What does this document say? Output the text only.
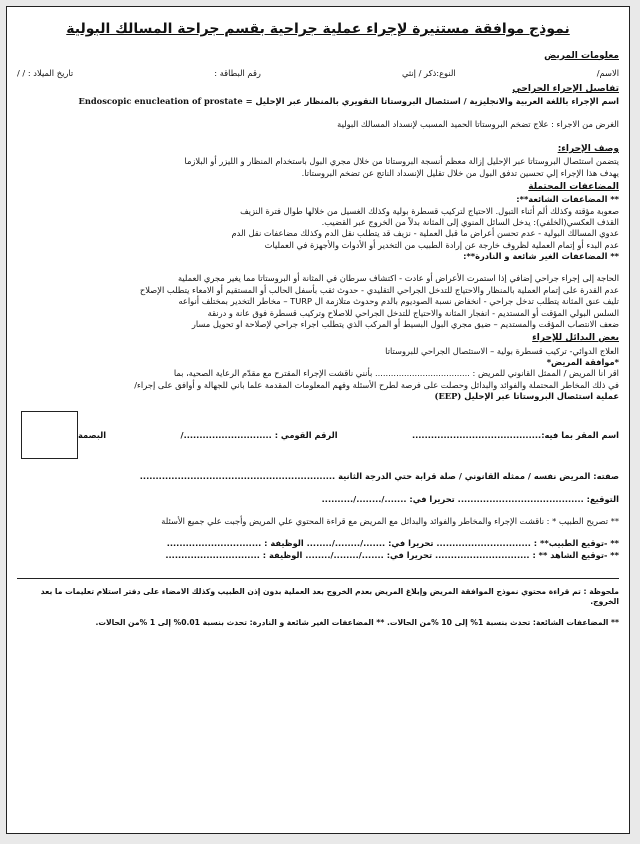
نموذج موافقة مستنيرة لإجراء عملية جراحية بقسم جراحة المسالك البولية
معلومات المريض
الاسم/
النوع:ذكر / إنثي
رقم البطاقة :
تاريخ الميلاد : / /
تفاصيل الإجراء الجراحي
اسم الإجراء باللغة العربية والانجليزية / استئصال البروستاتا التقويري بالمنظار عبر الإحليل = Endoscopic enucleation of prostate
الغرض من الاجراء : علاج تضخم البروستاتا الحميد المسبب لإنسداد المسالك البولية
وصف الإجراء:
يتضمن استئصال البروستاتا عبر الإحليل إزالة معظم أنسجة البروستاتا من خلال مجري البول باستخدام المنظار و الليزر أو البلازما
يهدف هذا الإجراء إلي تحسين تدفق البول من خلال تقليل الإنسداد الناتج عن تضخم البروستاتا.
المضاعفات المحتملة
** المضاعفات الشائعة**:
صعوبة مؤقتة وكذلك ألم أثناء التبول. الاحتياج لتركيب قسطرة بولية وكذلك الغسيل من خلالها طوال فترة النزيف
القذف العكسي(الخلفي): يدخل السائل المنوي إلى المثانة بدلاً من الخروج عبر القضيب.
عدوي المسالك البولية - عدم تحسن أعراض ما قبل العملية - نزيف قد يتطلب نقل الدم وكذلك مضاعفات نقل الدم
عدم البدء أو إتمام العملية لظروف خارجة عن إرادة الطبيب من التخدير أو الأدوات والأجهزة في العمليات
** المضاعفات الغير شائعة و النادرة**:
الحاجة إلى إجراء جراحي إضافي إذا استمرت الأعراض أو عادت - اكتشاف سرطان في المثانة أو البروستاتا مما يغير مجري العملية
عدم القدرة على إتمام العملية بالمنظار والاحتياج للتدخل الجراحي التقليدي - حدوث ثقب بأسفل الحالب أو المستقيم أو الامعاء يتطلب الإصلاح
تليف عنق المثانة يتطلب تدخل جراحي - انخفاض نسبة الصوديوم بالدم وحدوث متلازمة ال TURP – مخاطر التخدير بمختلف أنواعه
السلس البولي المؤقت أو المستديم - انفجار المثانة والاحتياج للتدخل الجراحي للاصلاح وتركيب قسطرة فوق عانة و درنقة
ضعف الانتصاب المؤقت والمستديم – ضيق مجري البول البسيط أو المركب الذي يتطلب اجراء جراحي لإصلاحة او تحويل مسار
بعض البدائل للإجراء
العلاج الدوائي- تركيب قسطرة بولية – الاستئصال الجراحي للبروستاتا
*موافقة المريض*
اقر انا المريض / الممثل القانوني للمريض : .................................... بأنني ناقشت الإجراء المقترح مع مقدّم الرعاية الصحية، بما
في ذلك المخاطر المحتملة والفوائد والبدائل وحصلت على فرصة لطرح الأسئلة وفهم المعلومات المقدمة علما باني للجهالة و أوافق على إجراء/
عملية استئصال البروستاتا عبر الإحليل (EEP)
اسم المقر بما فيه:.........................................
الرقم القومي : ............................/
البصمة
صفته: المريض نفسه / ممثله القانوني / صلة قرابة حتي الدرجة الثانية ..............................................................
التوقيع: ........................................ تحريرا في: ......./......../..........
** تصريح الطبيب * : ناقشت الإجراء والمخاطر والفوائد والبدائل مع المريض مع قراءة المحتوي علي المريض وأجبت علي جميع الأسئلة
** -توقيع الطبيب** : .............................. تحريرا في: ......./......../........ الوظيفة : ..............................
** -توقيع الشاهد ** : .............................. تحريرا في: ......./......../........ الوظيفة : ..............................
ملحوظة : تم قراءة محتوي نموذج الموافقة المريض وإبلاغ المريض بعدم الخروج بعد العملية بدون إذن الطبيب وكذلك الامضاء على دفتر استلام تعليمات ما بعد الخروج.
** المضاعفات الشائعة: تحدث بنسبة 1% إلى 10 %من الحالات. ** المضاعفات الغير شائعة و النادرة: تحدث بنسبة 0.01% إلى 1 %من الحالات.
